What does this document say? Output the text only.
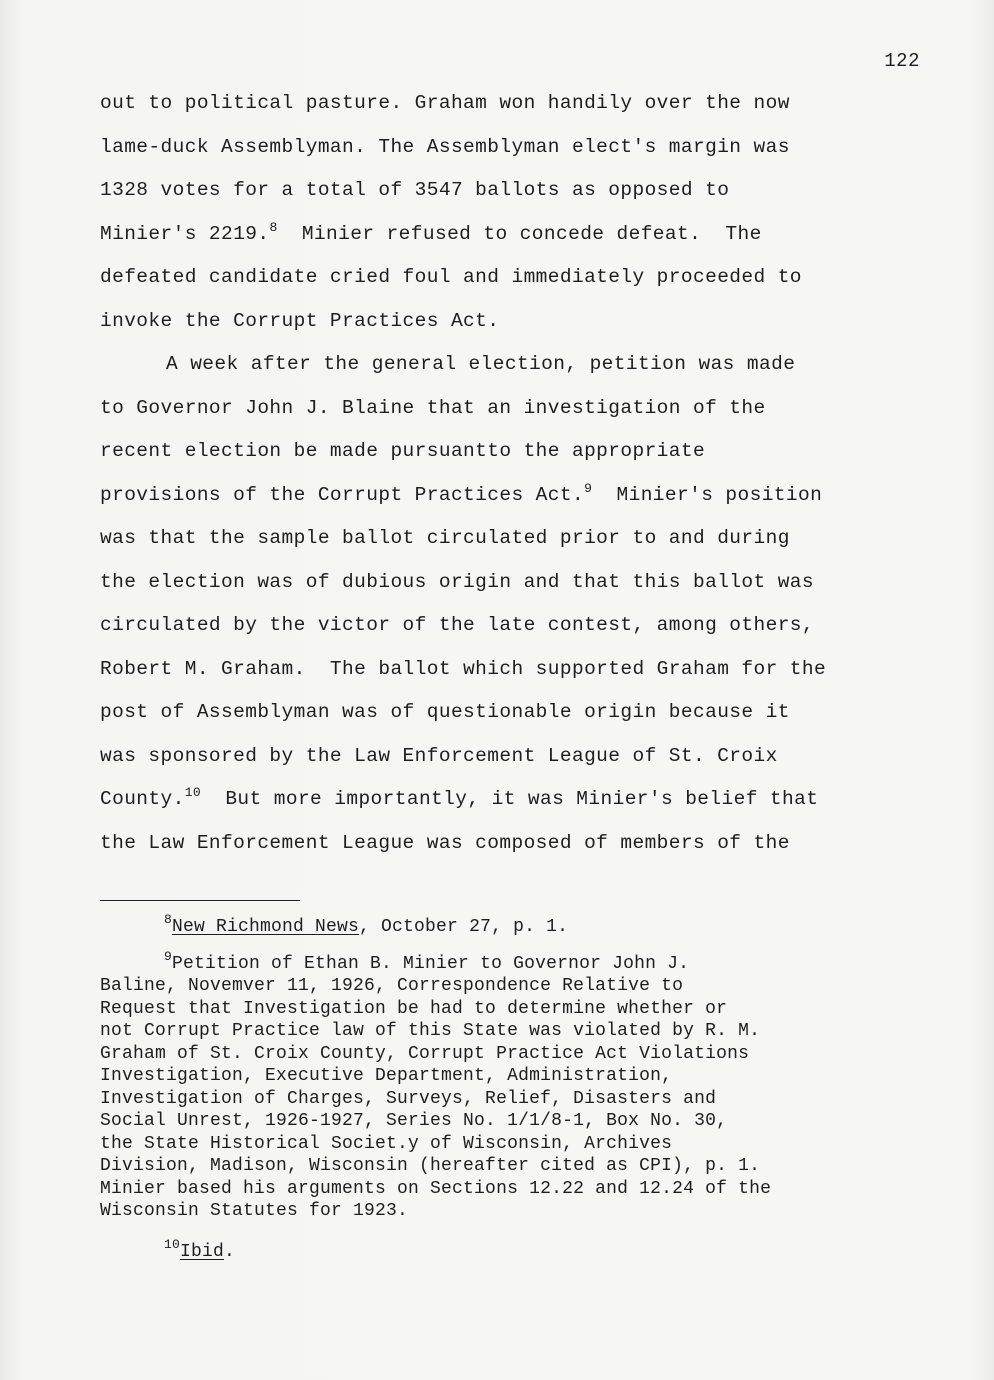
122
out to political pasture. Graham won handily over the now
lame-duck Assemblyman. The Assemblyman elect's margin was
1328 votes for a total of 3547 ballots as opposed to
Minier's 2219.$^8$  Minier refused to concede defeat.  The
defeated candidate cried foul and immediately proceeded to
invoke the Corrupt Practices Act.
A week after the general election, petition was made
to Governor John J. Blaine that an investigation of the
recent election be made pursuantto the appropriate
provisions of the Corrupt Practices Act.$^9$  Minier's position
was that the sample ballot circulated prior to and during
the election was of dubious origin and that this ballot was
circulated by the victor of the late contest, among others,
Robert M. Graham.  The ballot which supported Graham for the
post of Assemblyman was of questionable origin because it
was sponsored by the Law Enforcement League of St. Croix
County.$^{10}$  But more importantly, it was Minier's belief that
the Law Enforcement League was composed of members of the
$^8$New Richmond News, October 27, p. 1.
$^9$Petition of Ethan B. Minier to Governor John J.
Baline, Novemver 11, 1926, Correspondence Relative to
Request that Investigation be had to determine whether or
not Corrupt Practice law of this State was violated by R. M.
Graham of St. Croix County, Corrupt Practice Act Violations
Investigation, Executive Department, Administration,
Investigation of Charges, Surveys, Relief, Disasters and
Social Unrest, 1926-1927, Series No. 1/1/8-1, Box No. 30,
the State Historical Societ.y of Wisconsin, Archives
Division, Madison, Wisconsin (hereafter cited as CPI), p. 1.
Minier based his arguments on Sections 12.22 and 12.24 of the
Wisconsin Statutes for 1923.
$^{10}$Ibid.
